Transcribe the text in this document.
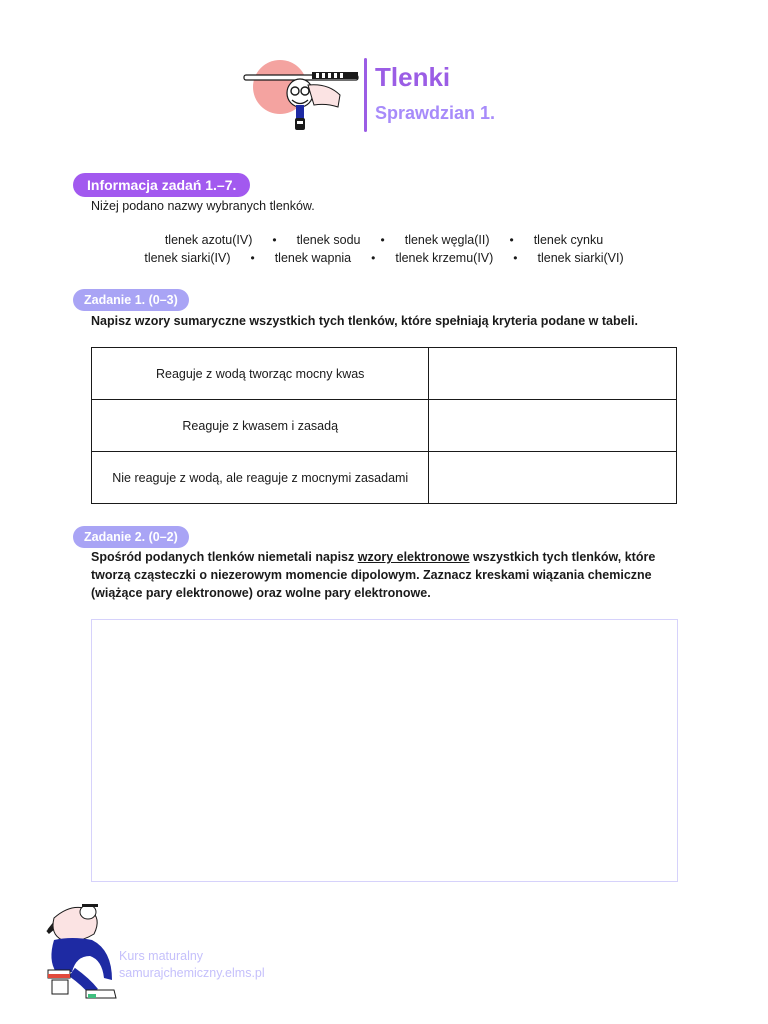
Tlenki
Sprawdzian 1.
Informacja zadań 1.–7.
Niżej podano nazwy wybranych tlenków.
tlenek azotu(IV)	•	tlenek sodu	•	tlenek węgla(II)	•	tlenek cynku
tlenek siarki(IV)	•	tlenek wapnia	•	tlenek krzemu(IV)	•	tlenek siarki(VI)
Zadanie 1. (0–3)
Napisz wzory sumaryczne wszystkich tych tlenków, które spełniają kryteria podane w tabeli.
Reaguje z wodą tworząc mocny kwas	
Reaguje z kwasem i zasadą	
Nie reaguje z wodą, ale reaguje z mocnymi zasadami	
Zadanie 2. (0–2)
Spośród podanych tlenków niemetali napisz wzory elektronowe wszystkich tych tlenków, które tworzą cząsteczki o niezerowym momencie dipolowym. Zaznacz kreskami wiązania chemiczne (wiążące pary elektronowe) oraz wolne pary elektronowe.
Kurs maturalny
samurajchemiczny.elms.pl
